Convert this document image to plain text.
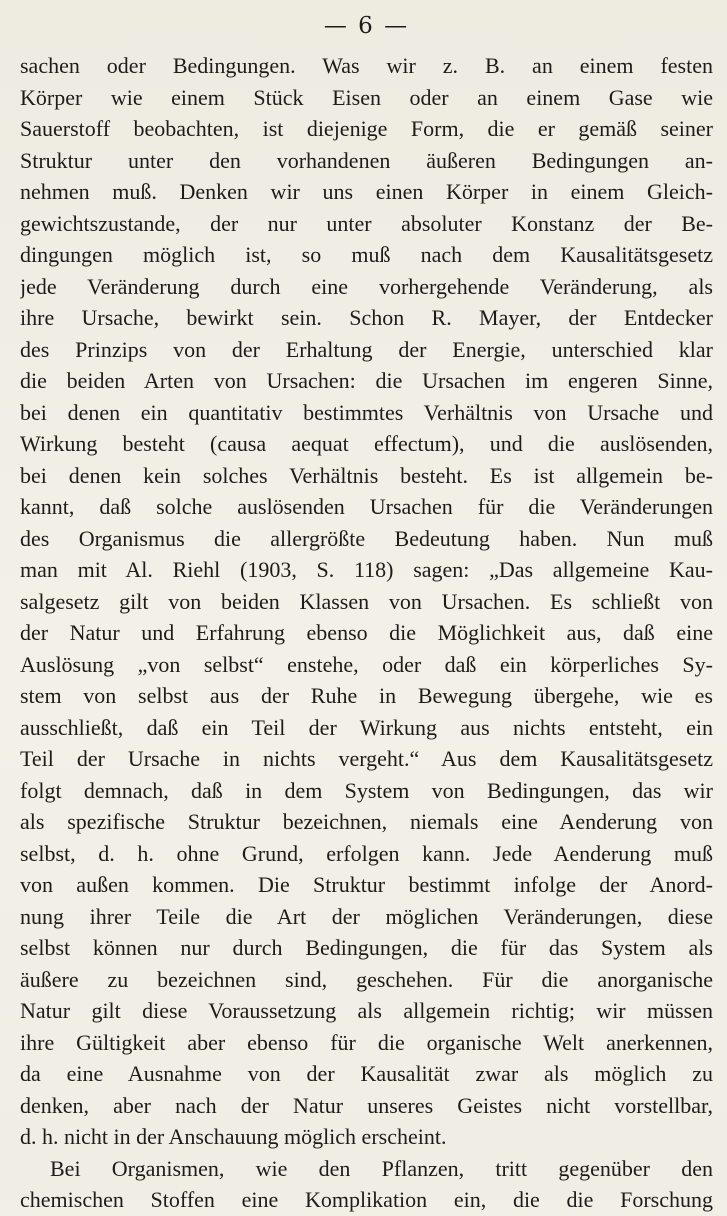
— 6 —
sachen oder Bedingungen. Was wir z. B. an einem festen
Körper wie einem Stück Eisen oder an einem Gase wie
Sauerstoff beobachten, ist diejenige Form, die er gemäß seiner
Struktur unter den vorhandenen äußeren Bedingungen an-
nehmen muß. Denken wir uns einen Körper in einem Gleich-
gewichtszustande, der nur unter absoluter Konstanz der Be-
dingungen möglich ist, so muß nach dem Kausalitätsgesetz
jede Veränderung durch eine vorhergehende Veränderung, als
ihre Ursache, bewirkt sein. Schon R. Mayer, der Entdecker
des Prinzips von der Erhaltung der Energie, unterschied klar
die beiden Arten von Ursachen: die Ursachen im engeren Sinne,
bei denen ein quantitativ bestimmtes Verhältnis von Ursache und
Wirkung besteht (causa aequat effectum), und die auslösenden,
bei denen kein solches Verhältnis besteht. Es ist allgemein be-
kannt, daß solche auslösenden Ursachen für die Veränderungen
des Organismus die allergrößte Bedeutung haben. Nun muß
man mit Al. Riehl (1903, S. 118) sagen: „Das allgemeine Kau-
salgesetz gilt von beiden Klassen von Ursachen. Es schließt von
der Natur und Erfahrung ebenso die Möglichkeit aus, daß eine
Auslösung „von selbst“ enstehe, oder daß ein körperliches Sy-
stem von selbst aus der Ruhe in Bewegung übergehe, wie es
ausschließt, daß ein Teil der Wirkung aus nichts entsteht, ein
Teil der Ursache in nichts vergeht.“ Aus dem Kausalitätsgesetz
folgt demnach, daß in dem System von Bedingungen, das wir
als spezifische Struktur bezeichnen, niemals eine Aenderung von
selbst, d. h. ohne Grund, erfolgen kann. Jede Aenderung muß
von außen kommen. Die Struktur bestimmt infolge der Anord-
nung ihrer Teile die Art der möglichen Veränderungen, diese
selbst können nur durch Bedingungen, die für das System als
äußere zu bezeichnen sind, geschehen. Für die anorganische
Natur gilt diese Voraussetzung als allgemein richtig; wir müssen
ihre Gültigkeit aber ebenso für die organische Welt anerkennen,
da eine Ausnahme von der Kausalität zwar als möglich zu
denken, aber nach der Natur unseres Geistes nicht vorstellbar,
d. h. nicht in der Anschauung möglich erscheint.
Bei Organismen, wie den Pflanzen, tritt gegenüber den
chemischen Stoffen eine Komplikation ein, die die Forschung
